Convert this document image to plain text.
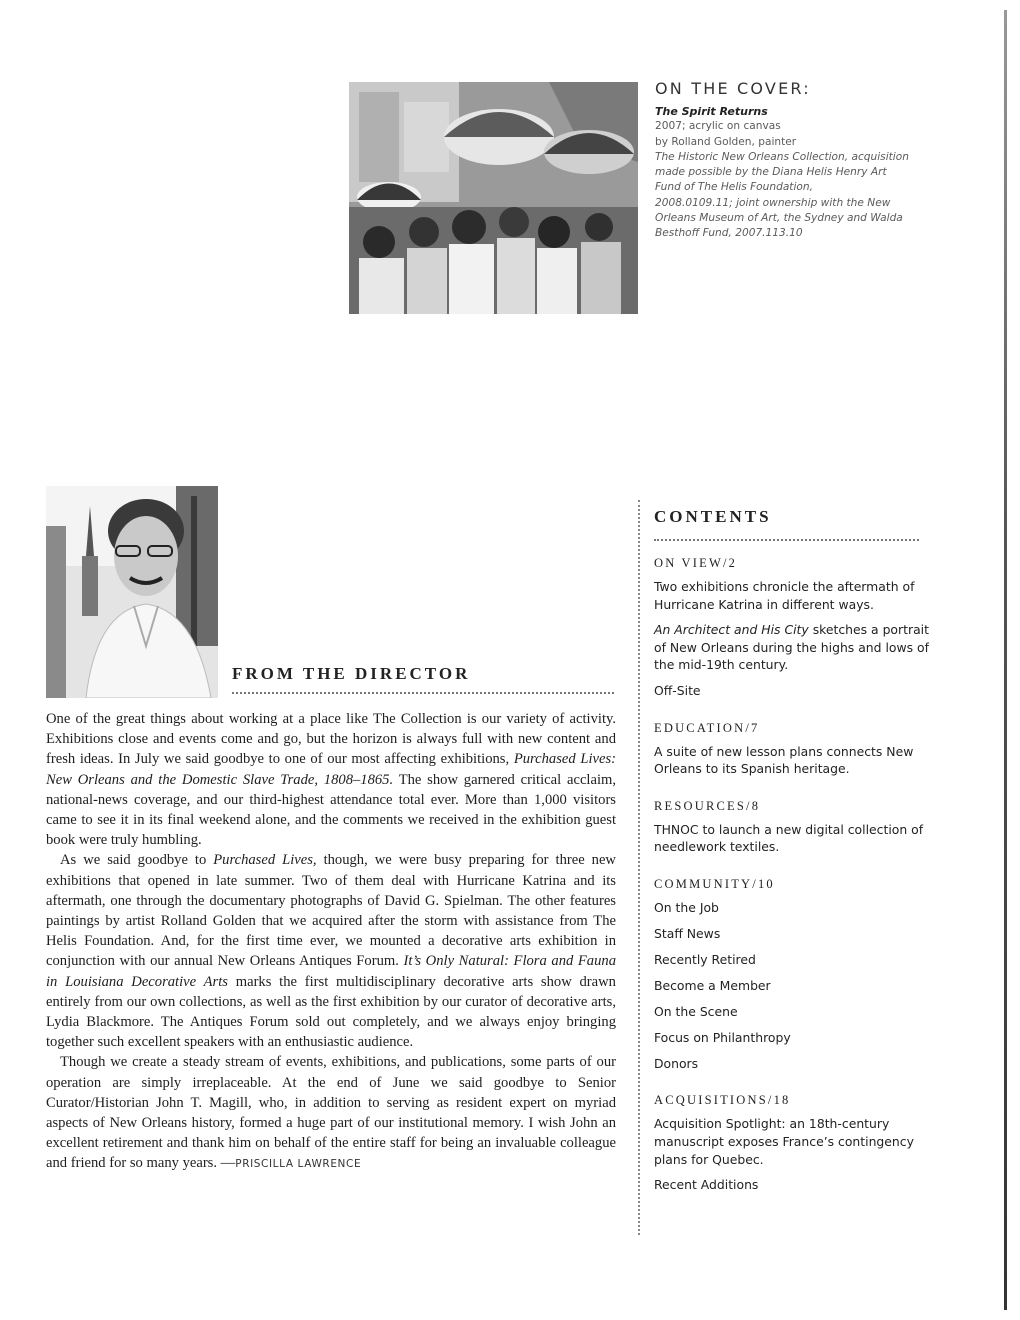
ON THE COVER:
The Spirit Returns
2007; acrylic on canvas
by Rolland Golden, painter
The Historic New Orleans Collection, acquisition made possible by the Diana Helis Henry Art Fund of The Helis Foundation,
2008.0109.11; joint ownership with the New Orleans Museum of Art, the Sydney and Walda Besthoff Fund, 2007.113.10
FROM THE DIRECTOR

One of the great things about working at a place like The Collection is our variety of activity. Exhibitions close and events come and go, but the horizon is always full with new content and fresh ideas. In July we said goodbye to one of our most affecting exhibitions, Purchased Lives: New Orleans and the Domestic Slave Trade, 1808–1865. The show garnered critical acclaim, national-news coverage, and our third-highest attendance total ever. More than 1,000 visitors came to see it in its final weekend alone, and the comments we received in the exhibition guest book were truly humbling.

As we said goodbye to Purchased Lives, though, we were busy preparing for three new exhibitions that opened in late summer. Two of them deal with Hurricane Katrina and its aftermath, one through the documentary photographs of David G. Spielman. The other features paintings by artist Rolland Golden that we acquired after the storm with assistance from The Helis Foundation. And, for the first time ever, we mounted a decorative arts exhibition in conjunction with our annual New Orleans Antiques Forum. It’s Only Natural: Flora and Fauna in Louisiana Decorative Arts marks the first multidisciplinary decorative arts show drawn entirely from our own collections, as well as the first exhibition by our curator of decorative arts, Lydia Blackmore. The Antiques Forum sold out completely, and we always enjoy bringing together such excellent speakers with an enthusiastic audience.

Though we create a steady stream of events, exhibitions, and publications, some parts of our operation are simply irreplaceable. At the end of June we said goodbye to Senior Curator/Historian John T. Magill, who, in addition to serving as resident expert on myriad aspects of New Orleans history, formed a huge part of our institutional memory. I wish John an excellent retirement and thank him on behalf of the entire staff for being an invaluable colleague and friend for so many years. —PRISCILLA LAWRENCE

CONTENTS
ON VIEW/2
Two exhibitions chronicle the aftermath of Hurricane Katrina in different ways.
An Architect and His City sketches a portrait of New Orleans during the highs and lows of the mid-19th century.
Off-Site
EDUCATION/7
A suite of new lesson plans connects New Orleans to its Spanish heritage.
RESOURCES/8
THNOC to launch a new digital collection of needlework textiles.
COMMUNITY/10
On the Job
Staff News
Recently Retired
Become a Member
On the Scene
Focus on Philanthropy
Donors
ACQUISITIONS/18
Acquisition Spotlight: an 18th-century manuscript exposes France’s contingency plans for Quebec.
Recent Additions
